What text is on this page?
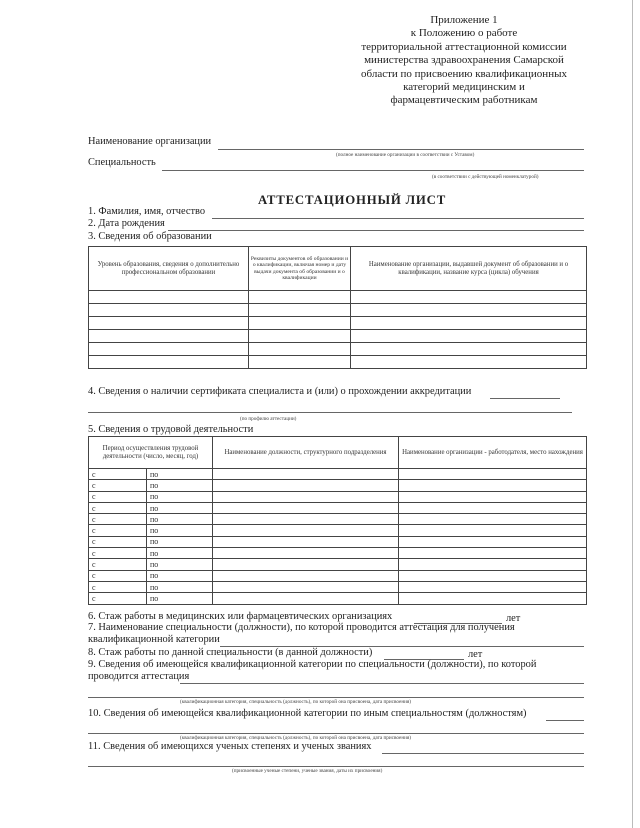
Приложение 1
к Положению о работе
территориальной аттестационной комиссии
министерства здравоохранения Самарской
области по присвоению квалификационных
категорий медицинским и
фармацевтическим работникам
Наименование организации
(полное наименование организации в соответствии с Уставом)
Специальность
(в соответствии с действующей номенклатурой)
АТТЕСТАЦИОННЫЙ ЛИСТ
1. Фамилия, имя, отчество
2. Дата рождения
3. Сведения об образовании
Уровень образования, сведения о дополнительно профессиональном образовании	Реквизиты документов об образовании и о квалификации, включая номер и дату выдачи документа об образовании и о квалификации	Наименование организации, выдавшей документ об образовании и о квалификации, название курса (цикла) обучения

4. Сведения о наличии сертификата специалиста и (или) о прохождении аккредитации
(по профилю аттестации)
5. Сведения о трудовой деятельности
Период осуществления трудовой деятельности (число, месяц, год)		Наименование должности, структурного подразделения	Наименование организации - работодателя, место нахождения
с	по		
с	по		
с	по		
с	по		
с	по		
с	по		
с	по		
с	по		
с	по		
с	по		
с	по		
с	по		
6. Стаж работы в медицинских или фармацевтических организациях	лет
7. Наименование специальности (должности), по которой проводится аттестация для получения
квалификационной категории
8. Стаж работы по данной специальности (в данной должности)	лет
9. Сведения об имеющейся квалификационной категории по специальности (должности), по которой
проводится аттестация
(квалификационная категория, специальность (должность), по которой она присвоена, дата присвоения)
10. Сведения об имеющейся квалификационной категории по иным специальностям (должностям)
(квалификационная категория, специальность (должность), по которой она присвоена, дата присвоения)
11. Сведения об имеющихся ученых степенях и ученых званиях
(присвоенные ученые степени, ученые звания, даты их присвоения)
